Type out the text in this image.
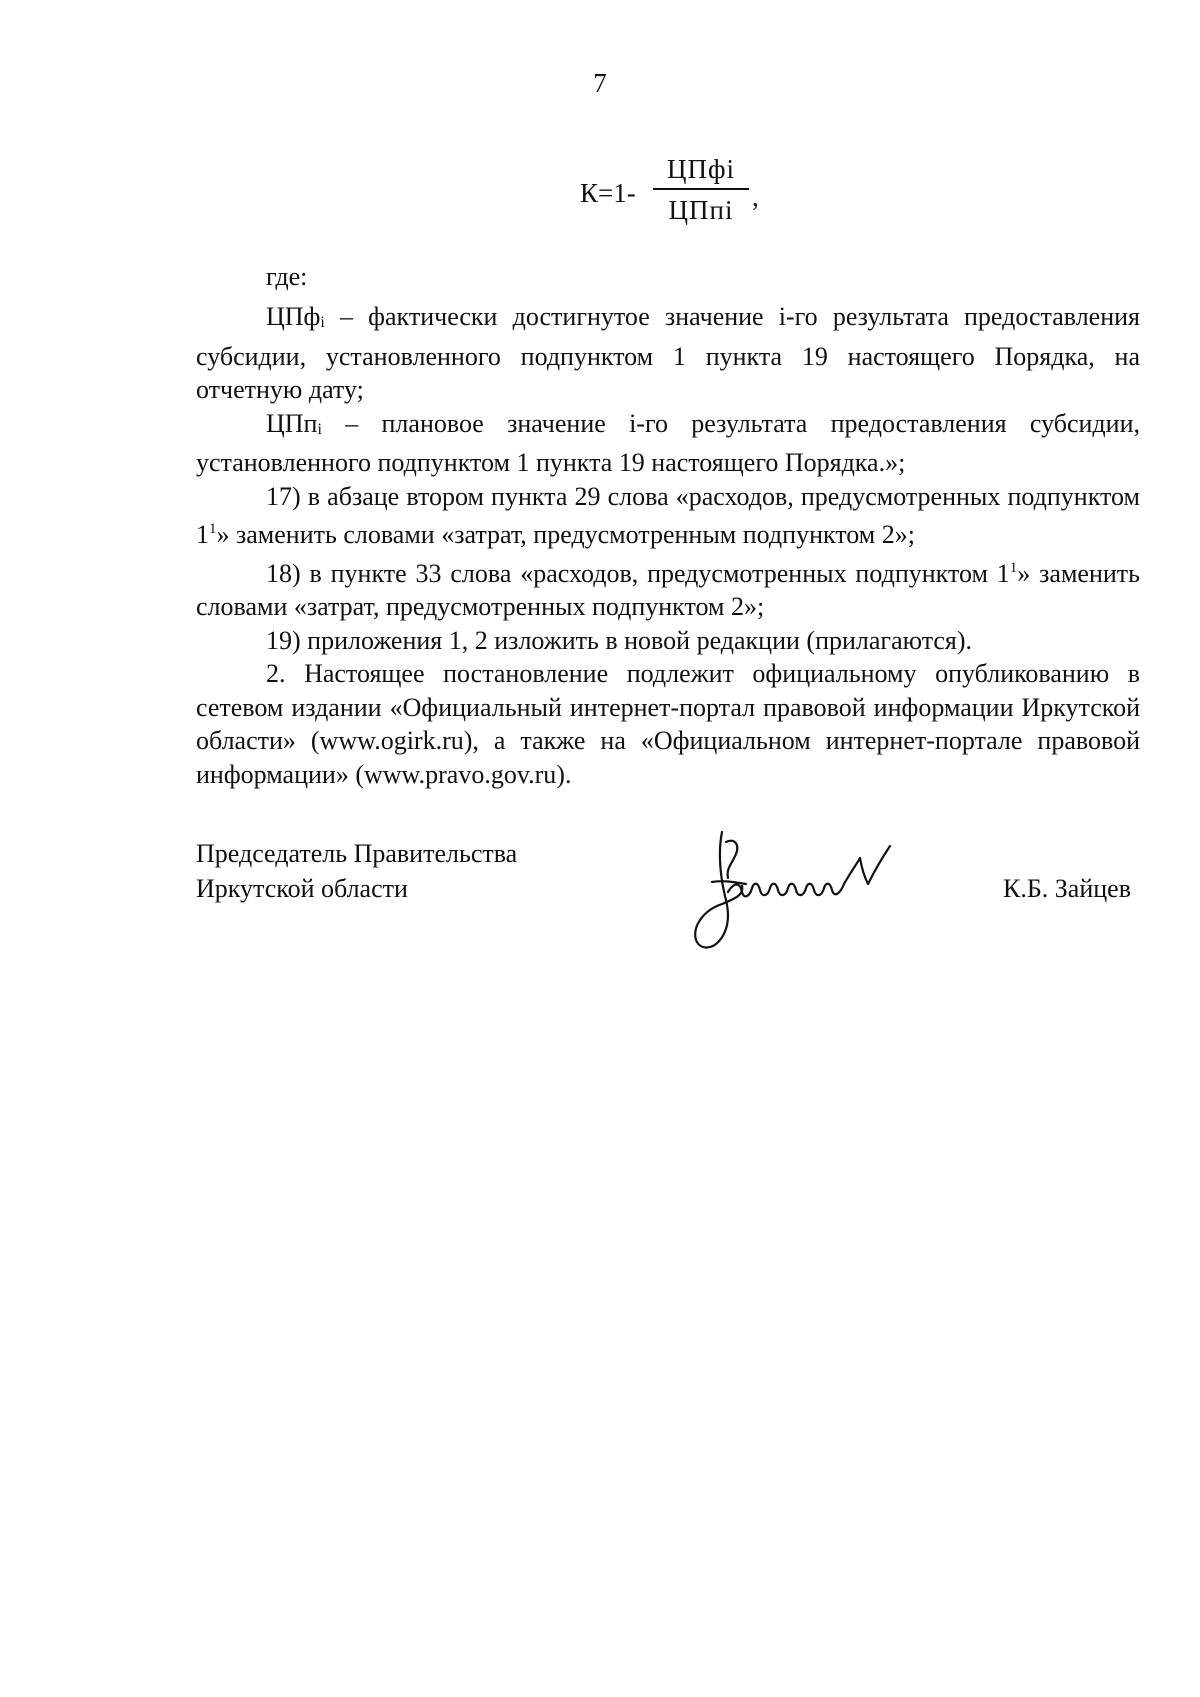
7
К=1-
ЦПфi
ЦПпi ,
где:

ЦПфi – фактически достигнутое значение i-го результата предоставления субсидии, установленного подпунктом 1 пункта 19 настоящего Порядка, на отчетную дату;

ЦПпi – плановое значение i-го результата предоставления субсидии, установленного подпунктом 1 пункта 19 настоящего Порядка.»;

17) в абзаце втором пункта 29 слова «расходов, предусмотренных подпунктом $1^1$» заменить словами «затрат, предусмотренным подпунктом 2»;

18) в пункте 33 слова «расходов, предусмотренных подпунктом $1^1$» заменить словами «затрат, предусмотренных подпунктом 2»;

19) приложения 1, 2 изложить в новой редакции (прилагаются).

2. Настоящее постановление подлежит официальному опубликованию в сетевом издании «Официальный интернет-портал правовой информации Иркутской области» (www.ogirk.ru), а также на «Официальном интернет-портале правовой информации» (www.pravo.gov.ru).

Председатель Правительства
Иркутской области	К.Б. Зайцев
